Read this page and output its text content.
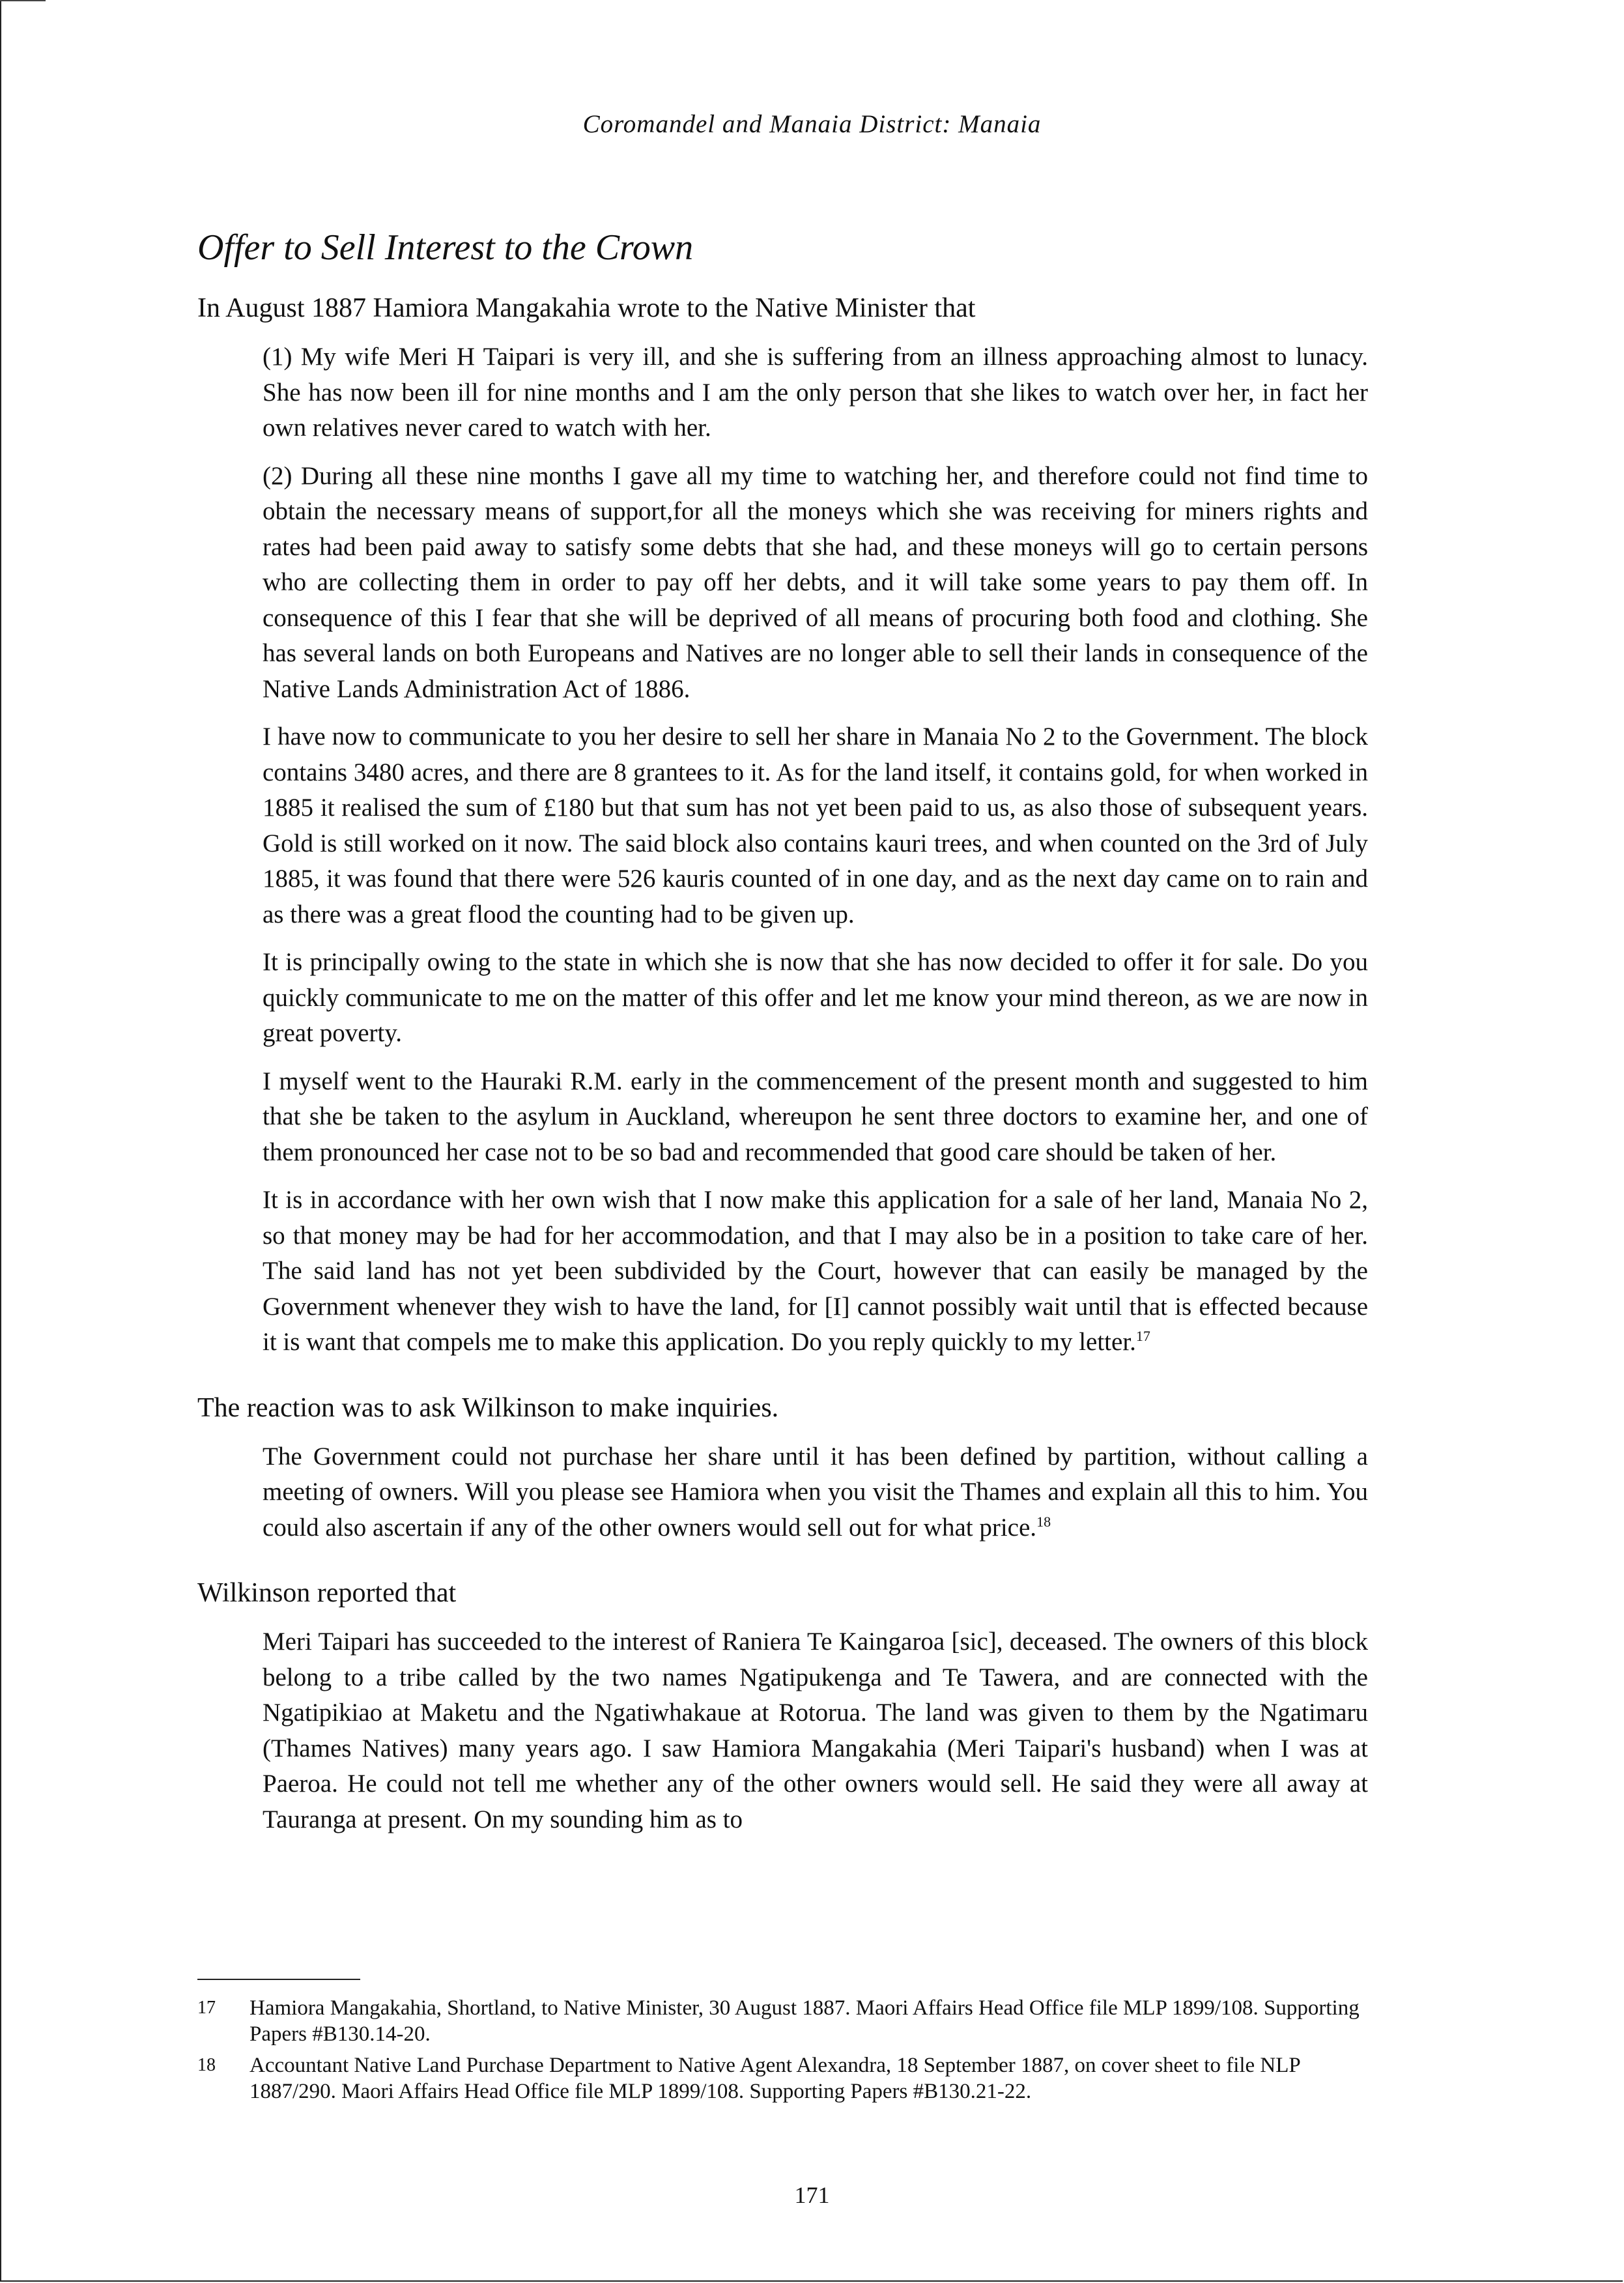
Coromandel and Manaia District: Manaia
Offer to Sell Interest to the Crown

In August 1887 Hamiora Mangakahia wrote to the Native Minister that

(1) My wife Meri H Taipari is very ill, and she is suffering from an illness approaching almost to lunacy. She has now been ill for nine months and I am the only person that she likes to watch over her, in fact her own relatives never cared to watch with her.

(2) During all these nine months I gave all my time to watching her, and therefore could not find time to obtain the necessary means of support,for all the moneys which she was receiving for miners rights and rates had been paid away to satisfy some debts that she had, and these moneys will go to certain persons who are collecting them in order to pay off her debts, and it will take some years to pay them off. In consequence of this I fear that she will be deprived of all means of procuring both food and clothing. She has several lands on both Europeans and Natives are no longer able to sell their lands in consequence of the Native Lands Administration Act of 1886.

I have now to communicate to you her desire to sell her share in Manaia No 2 to the Government. The block contains 3480 acres, and there are 8 grantees to it. As for the land itself, it contains gold, for when worked in 1885 it realised the sum of £180 but that sum has not yet been paid to us, as also those of subsequent years. Gold is still worked on it now. The said block also contains kauri trees, and when counted on the 3rd of July 1885, it was found that there were 526 kauris counted of in one day, and as the next day came on to rain and as there was a great flood the counting had to be given up.

It is principally owing to the state in which she is now that she has now decided to offer it for sale. Do you quickly communicate to me on the matter of this offer and let me know your mind thereon, as we are now in great poverty.

I myself went to the Hauraki R.M. early in the commencement of the present month and suggested to him that she be taken to the asylum in Auckland, whereupon he sent three doctors to examine her, and one of them pronounced her case not to be so bad and recommended that good care should be taken of her.

It is in accordance with her own wish that I now make this application for a sale of her land, Manaia No 2, so that money may be had for her accommodation, and that I may also be in a position to take care of her. The said land has not yet been subdivided by the Court, however that can easily be managed by the Government whenever they wish to have the land, for [I] cannot possibly wait until that is effected because it is want that compels me to make this application. Do you reply quickly to my letter.$^{17}$

The reaction was to ask Wilkinson to make inquiries.

The Government could not purchase her share until it has been defined by partition, without calling a meeting of owners. Will you please see Hamiora when you visit the Thames and explain all this to him. You could also ascertain if any of the other owners would sell out for what price.$^{18}$

Wilkinson reported that

Meri Taipari has succeeded to the interest of Raniera Te Kaingaroa [sic], deceased. The owners of this block belong to a tribe called by the two names Ngatipukenga and Te Tawera, and are connected with the Ngatipikiao at Maketu and the Ngatiwhakaue at Rotorua. The land was given to them by the Ngatimaru (Thames Natives) many years ago. I saw Hamiora Mangakahia (Meri Taipari's husband) when I was at Paeroa. He could not tell me whether any of the other owners would sell. He said they were all away at Tauranga at present. On my sounding him as to

17	Hamiora Mangakahia, Shortland, to Native Minister, 30 August 1887. Maori Affairs Head Office file MLP 1899/108. Supporting Papers #B130.14-20.
18	Accountant Native Land Purchase Department to Native Agent Alexandra, 18 September 1887, on cover sheet to file NLP 1887/290. Maori Affairs Head Office file MLP 1899/108. Supporting Papers #B130.21-22.
171
